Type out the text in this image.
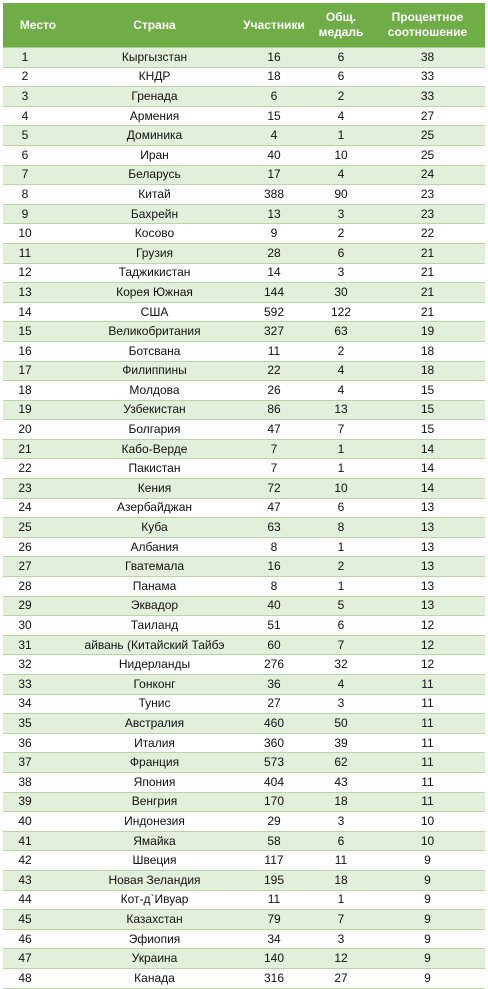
Место	Страна	Участники	Общ. медаль	Процентное соотношение
1	Кыргызстан	16	6	38
2	КНДР	18	6	33
3	Гренада	6	2	33
4	Армения	15	4	27
5	Доминика	4	1	25
6	Иран	40	10	25
7	Беларусь	17	4	24
8	Китай	388	90	23
9	Бахрейн	13	3	23
10	Косово	9	2	22
11	Грузия	28	6	21
12	Таджикистан	14	3	21
13	Корея Южная	144	30	21
14	США	592	122	21
15	Великобритания	327	63	19
16	Ботсвана	11	2	18
17	Филиппины	22	4	18
18	Молдова	26	4	15
19	Узбекистан	86	13	15
20	Болгария	47	7	15
21	Кабо-Верде	7	1	14
22	Пакистан	7	1	14
23	Кения	72	10	14
24	Азербайджан	47	6	13
25	Куба	63	8	13
26	Албания	8	1	13
27	Гватемала	16	2	13
28	Панама	8	1	13
29	Эквадор	40	5	13
30	Таиланд	51	6	12
31	айвань (Китайский Тайбэ	60	7	12
32	Нидерланды	276	32	12
33	Гонконг	36	4	11
34	Тунис	27	3	11
35	Австралия	460	50	11
36	Италия	360	39	11
37	Франция	573	62	11
38	Япония	404	43	11
39	Венгрия	170	18	11
40	Индонезия	29	3	10
41	Ямайка	58	6	10
42	Швеция	117	11	9
43	Новая Зеландия	195	18	9
44	Кот-д`Ивуар	11	1	9
45	Казахстан	79	7	9
46	Эфиопия	34	3	9
47	Украина	140	12	9
48	Канада	316	27	9
